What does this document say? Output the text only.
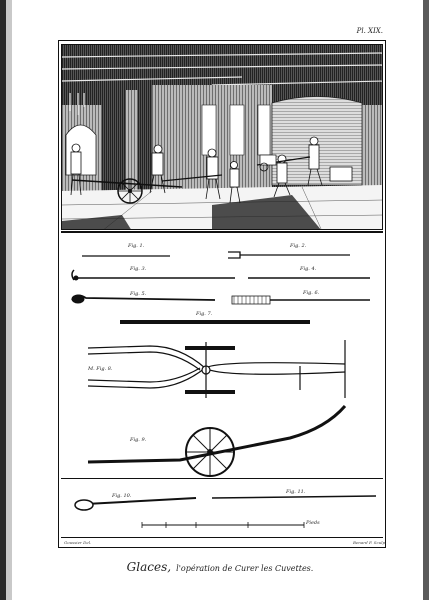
Pl. XIX.
Fig. 1.	Fig. 2.
Fig. 3.	Fig. 4.
Fig. 5.	Fig. 6.
Fig. 7.
M. Fig. 8.
Fig. 9.
Fig. 10.
Fig. 11.
Pieds
Goussier Del.	Benard F. Sculp.
Glaces, l'opération de Curer les Cuvettes.
